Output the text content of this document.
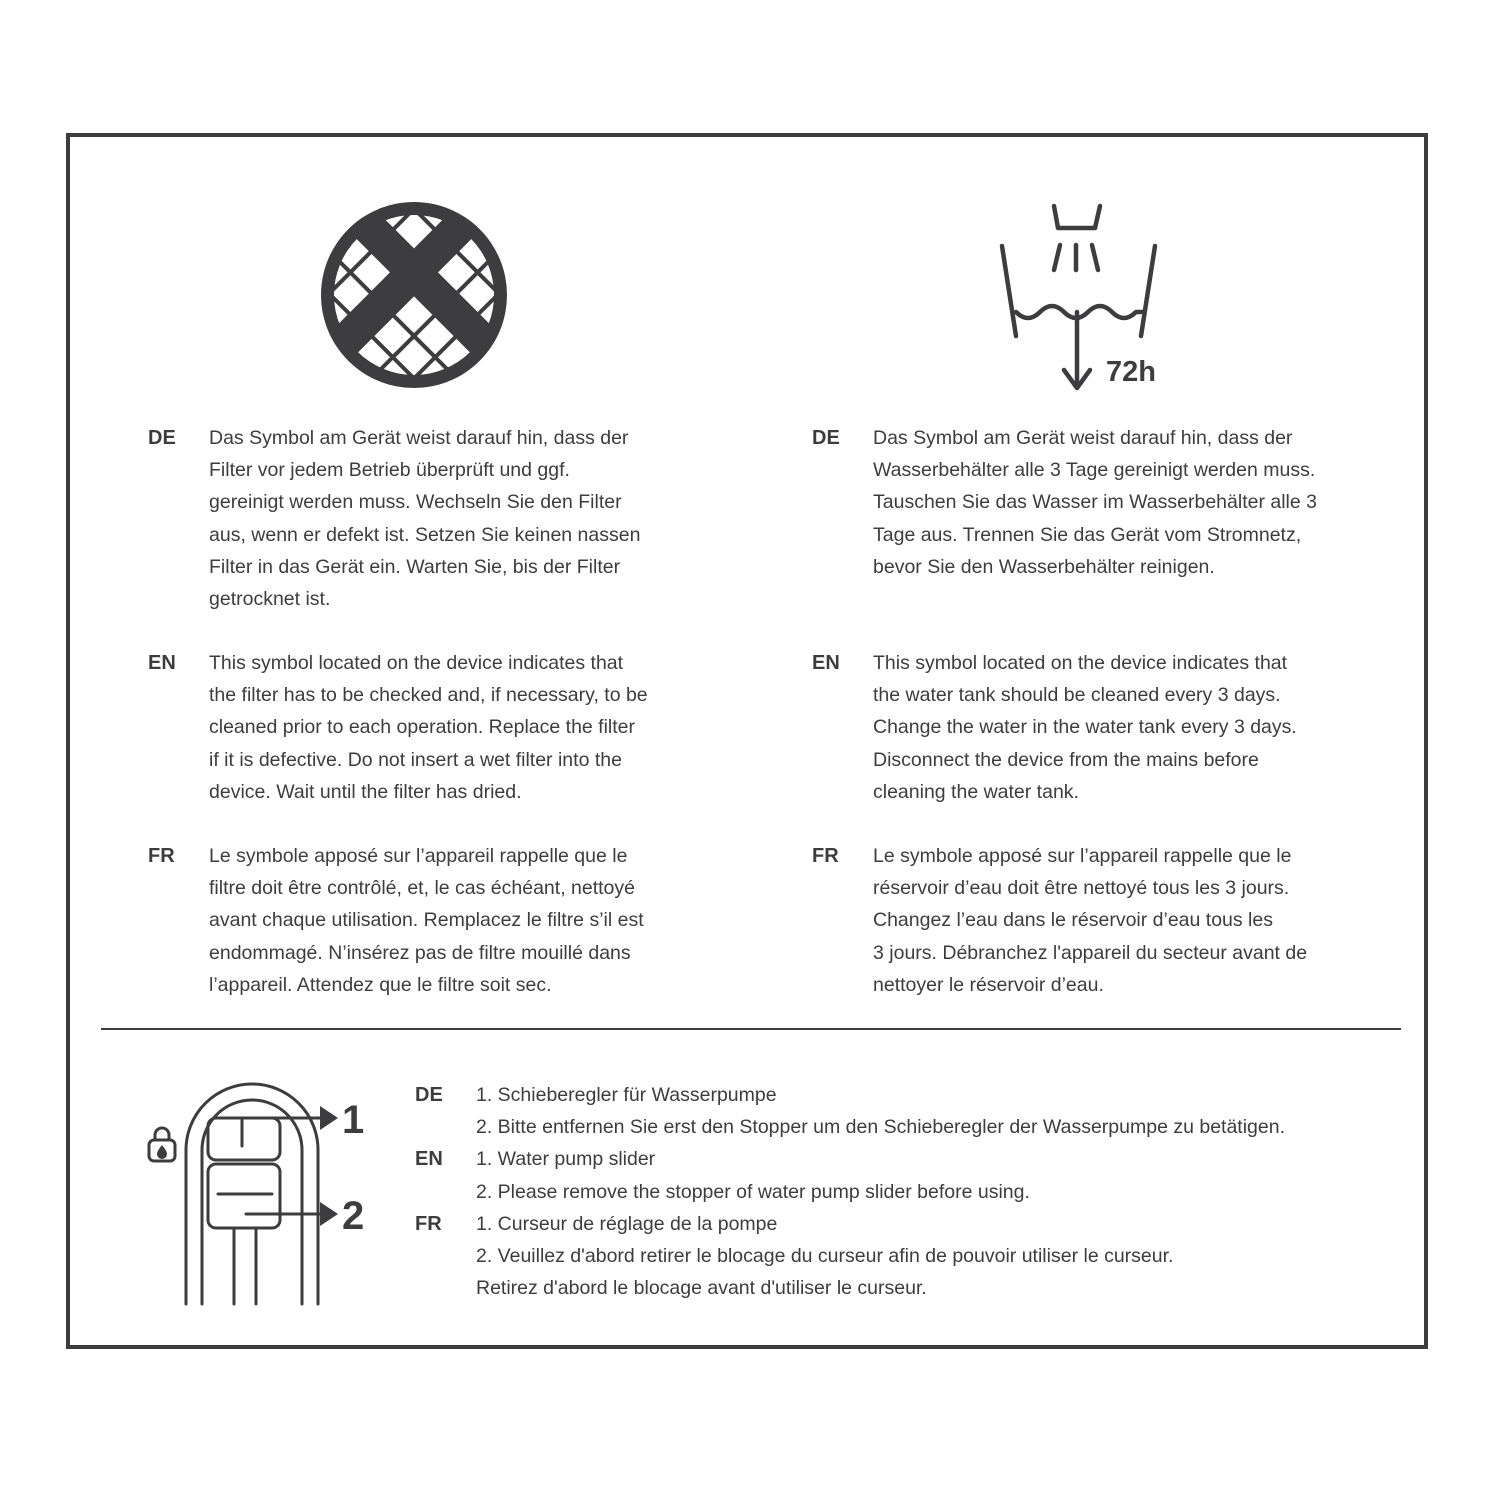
72h
DE Das Symbol am Gerät weist darauf hin, dass der
Filter vor jedem Betrieb überprüft und ggf.
gereinigt werden muss. Wechseln Sie den Filter
aus, wenn er defekt ist. Setzen Sie keinen nassen
Filter in das Gerät ein. Warten Sie, bis der Filter
getrocknet ist.
EN This symbol located on the device indicates that
the filter has to be checked and, if necessary, to be
cleaned prior to each operation. Replace the filter
if it is defective. Do not insert a wet filter into the
device. Wait until the filter has dried.
FR Le symbole apposé sur l’appareil rappelle que le
filtre doit être contrôlé, et, le cas échéant, nettoyé
avant chaque utilisation. Remplacez le filtre s’il est
endommagé. N’insérez pas de filtre mouillé dans
l’appareil. Attendez que le filtre soit sec.
DE Das Symbol am Gerät weist darauf hin, dass der
Wasserbehälter alle 3 Tage gereinigt werden muss.
Tauschen Sie das Wasser im Wasserbehälter alle 3
Tage aus. Trennen Sie das Gerät vom Stromnetz,
bevor Sie den Wasserbehälter reinigen.
EN This symbol located on the device indicates that
the water tank should be cleaned every 3 days.
Change the water in the water tank every 3 days.
Disconnect the device from the mains before
cleaning the water tank.
FR Le symbole apposé sur l’appareil rappelle que le
réservoir d’eau doit être nettoyé tous les 3 jours.
Changez l’eau dans le réservoir d’eau tous les
3 jours. Débranchez l'appareil du secteur avant de
nettoyer le réservoir d’eau.
1
2
DE
EN
FR
1. Schieberegler für Wasserpumpe
2. Bitte entfernen Sie erst den Stopper um den Schieberegler der Wasserpumpe zu betätigen.
1. Water pump slider
2. Please remove the stopper of water pump slider before using.
1. Curseur de réglage de la pompe
2. Veuillez d'abord retirer le blocage du curseur afin de pouvoir utiliser le curseur.
Retirez d'abord le blocage avant d'utiliser le curseur.
